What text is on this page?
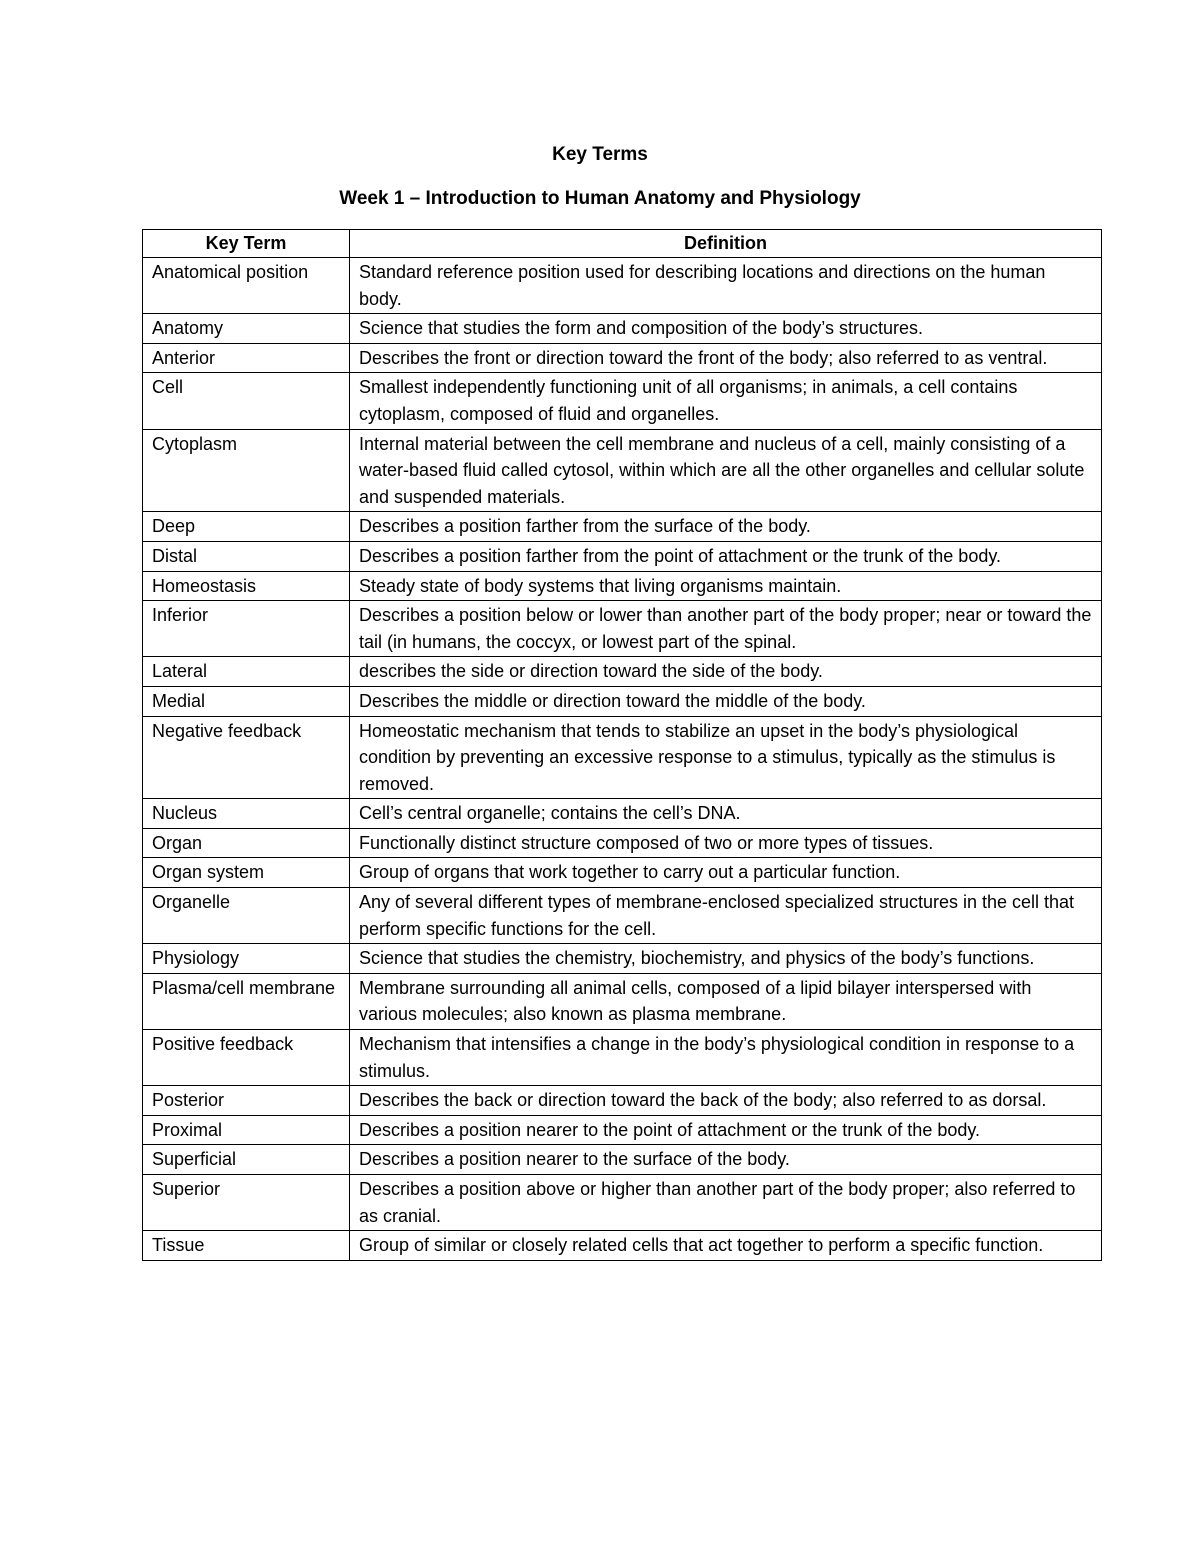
Key Terms
Week 1 – Introduction to Human Anatomy and Physiology
Key Term	Definition
Anatomical position	Standard reference position used for describing locations and directions on the human body.
Anatomy	Science that studies the form and composition of the body’s structures.
Anterior	Describes the front or direction toward the front of the body; also referred to as ventral.
Cell	Smallest independently functioning unit of all organisms; in animals, a cell contains cytoplasm, composed of fluid and organelles.
Cytoplasm	Internal material between the cell membrane and nucleus of a cell, mainly consisting of a water-based fluid called cytosol, within which are all the other organelles and cellular solute and suspended materials.
Deep	Describes a position farther from the surface of the body.
Distal	Describes a position farther from the point of attachment or the trunk of the body.
Homeostasis	Steady state of body systems that living organisms maintain.
Inferior	Describes a position below or lower than another part of the body proper; near or toward the tail (in humans, the coccyx, or lowest part of the spinal.
Lateral	describes the side or direction toward the side of the body.
Medial	Describes the middle or direction toward the middle of the body.
Negative feedback	Homeostatic mechanism that tends to stabilize an upset in the body’s physiological condition by preventing an excessive response to a stimulus, typically as the stimulus is removed.
Nucleus	Cell’s central organelle; contains the cell’s DNA.
Organ	Functionally distinct structure composed of two or more types of tissues.
Organ system	Group of organs that work together to carry out a particular function.
Organelle	Any of several different types of membrane-enclosed specialized structures in the cell that perform specific functions for the cell.
Physiology	Science that studies the chemistry, biochemistry, and physics of the body’s functions.
Plasma/cell membrane	Membrane surrounding all animal cells, composed of a lipid bilayer interspersed with various molecules; also known as plasma membrane.
Positive feedback	Mechanism that intensifies a change in the body’s physiological condition in response to a stimulus.
Posterior	Describes the back or direction toward the back of the body; also referred to as dorsal.
Proximal	Describes a position nearer to the point of attachment or the trunk of the body.
Superficial	Describes a position nearer to the surface of the body.
Superior	Describes a position above or higher than another part of the body proper; also referred to as cranial.
Tissue	Group of similar or closely related cells that act together to perform a specific function.
